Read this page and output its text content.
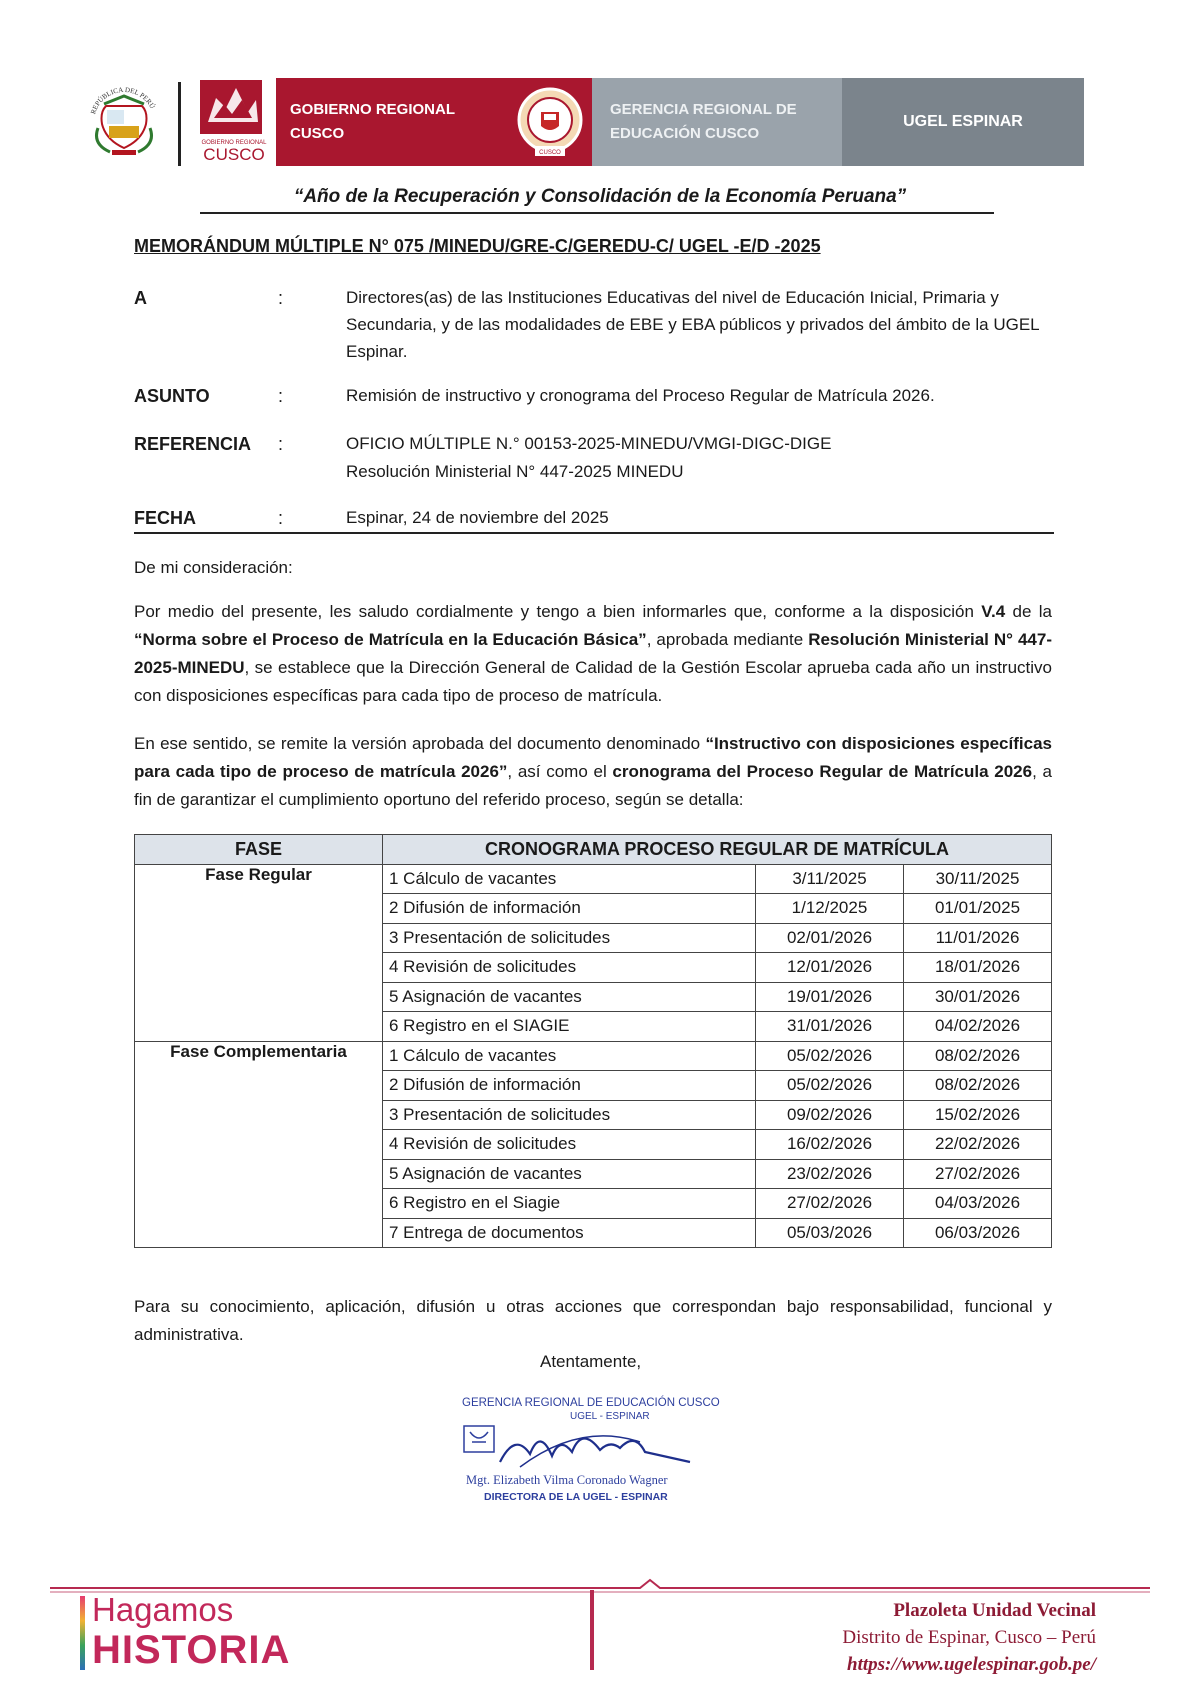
REPÚBLICA DEL PERÚ
GOBIERNO REGIONAL
CUSCO
GOBIERNO REGIONAL
CUSCO
CUSCO
GERENCIA REGIONAL DE
EDUCACIÓN CUSCO
UGEL ESPINAR
“Año de la Recuperación y Consolidación de la Economía Peruana”
MEMORÁNDUM MÚLTIPLE N° 075 /MINEDU/GRE-C/GEREDU-C/ UGEL -E/D -2025
A	:	Directores(as) de las Instituciones Educativas del nivel de Educación Inicial, Primaria y Secundaria, y de las modalidades de EBE y EBA públicos y privados del ámbito de la UGEL Espinar.
ASUNTO	:	Remisión de instructivo y cronograma del Proceso Regular de Matrícula 2026.
REFERENCIA :	OFICIO MÚLTIPLE N.° 00153-2025-MINEDU/VMGI-DIGC-DIGE
Resolución Ministerial N° 447-2025 MINEDU
FECHA	:	Espinar, 24 de noviembre del 2025
De mi consideración:
Por medio del presente, les saludo cordialmente y tengo a bien informarles que, conforme a la disposición V.4 de la “Norma sobre el Proceso de Matrícula en la Educación Básica”, aprobada mediante Resolución Ministerial N° 447-2025-MINEDU, se establece que la Dirección General de Calidad de la Gestión Escolar aprueba cada año un instructivo con disposiciones específicas para cada tipo de proceso de matrícula.
En ese sentido, se remite la versión aprobada del documento denominado “Instructivo con disposiciones específicas para cada tipo de proceso de matrícula 2026”, así como el cronograma del Proceso Regular de Matrícula 2026, a fin de garantizar el cumplimiento oportuno del referido proceso, según se detalla:
FASE	CRONOGRAMA PROCESO REGULAR DE MATRÍCULA		
Fase Regular	1 Cálculo de vacantes	3/11/2025	30/11/2025
	2 Difusión de información	1/12/2025	01/01/2025
	3 Presentación de solicitudes	02/01/2026	11/01/2026
	4 Revisión de solicitudes	12/01/2026	18/01/2026
	5 Asignación de vacantes	19/01/2026	30/01/2026
	6 Registro en el SIAGIE	31/01/2026	04/02/2026
Fase Complementaria	1 Cálculo de vacantes	05/02/2026	08/02/2026
	2 Difusión de información	05/02/2026	08/02/2026
	3 Presentación de solicitudes	09/02/2026	15/02/2026
	4 Revisión de solicitudes	16/02/2026	22/02/2026
	5 Asignación de vacantes	23/02/2026	27/02/2026
	6 Registro en el Siagie	27/02/2026	04/03/2026
	7 Entrega de documentos	05/03/2026	06/03/2026
Para su conocimiento, aplicación, difusión u otras acciones que correspondan bajo responsabilidad, funcional y administrativa.
Atentamente,
GERENCIA REGIONAL DE EDUCACIÓN CUSCO
UGEL - ESPINAR
Mgt. Elizabeth Vilma Coronado Wagner
DIRECTORA DE LA UGEL - ESPINAR
Hagamos
HISTORIA
Plazoleta Unidad Vecinal
Distrito de Espinar, Cusco – Perú
https://www.ugelespinar.gob.pe/
